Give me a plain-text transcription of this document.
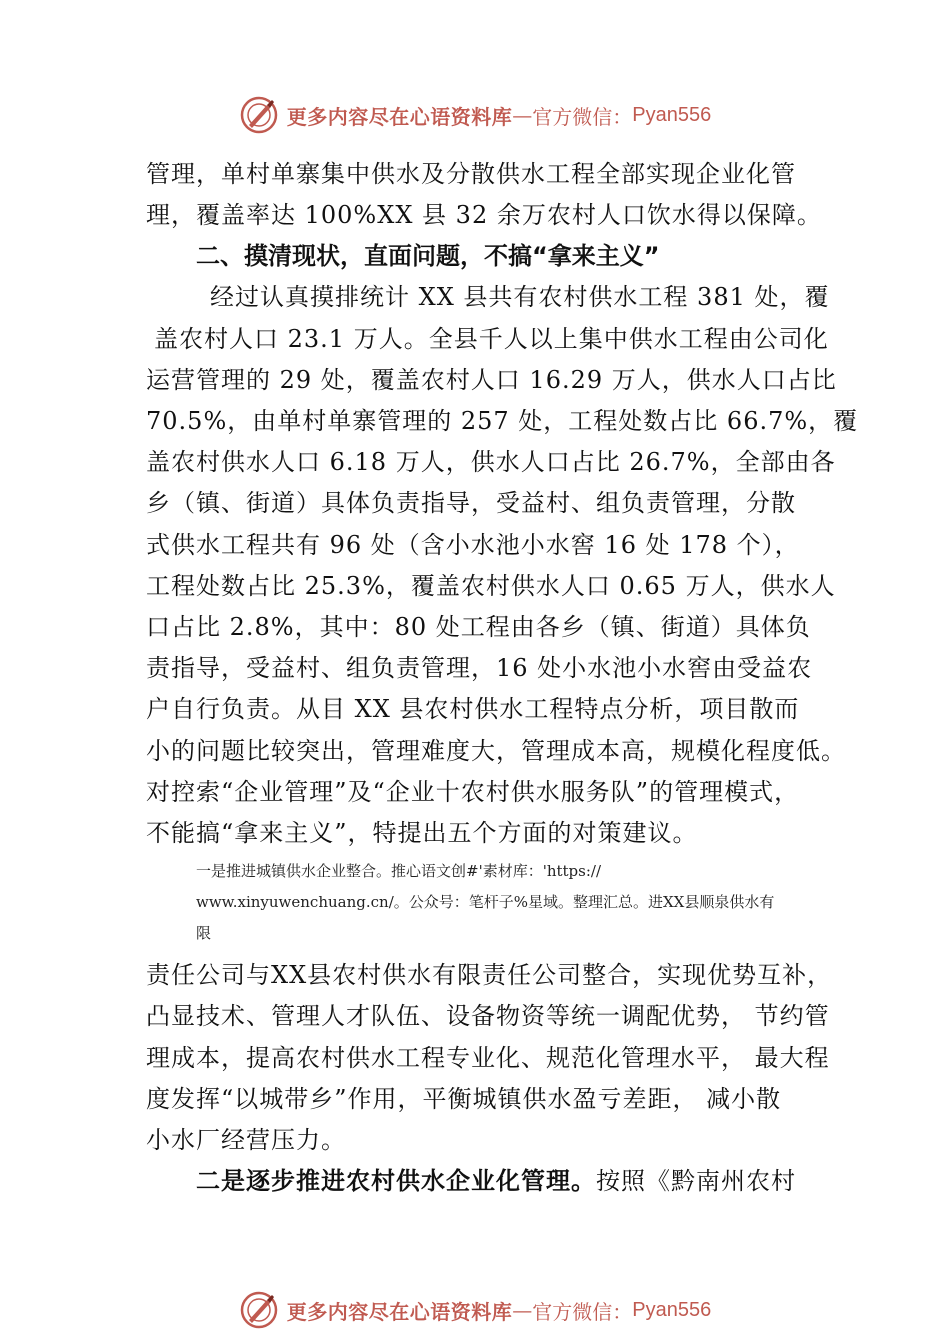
更多内容尽在心语资料库 — 官方微信： Pyan556

管理，单村单寨集中供水及分散供水工程全部实现企业化管
理，覆盖率达 100%XX 县 32 余万农村人口饮水得以保障。

二、摸清现状，直面问题，不搞“拿来主义”

经过认真摸排统计 XX 县共有农村供水工程 381 处，覆
盖农村人口 23.1 万人。全县千人以上集中供水工程由公司化
运营管理的 29 处，覆盖农村人口 16.29 万人，供水人口占比
70.5%，由单村单寨管理的 257 处，工程处数占比 66.7%，覆
盖农村供水人口 6.18 万人，供水人口占比 26.7%，全部由各
乡（镇、街道）具体负责指导，受益村、组负责管理，分散
式供水工程共有 96 处（含小水池小水窖 16 处 178 个），
工程处数占比 25.3%，覆盖农村供水人口 0.65 万人，供水人
口占比 2.8%，其中：80 处工程由各乡（镇、街道）具体负
责指导，受益村、组负责管理，16 处小水池小水窖由受益农
户自行负责。从目 XX 县农村供水工程特点分析，项目散而
小的问题比较突出，管理难度大，管理成本高，规模化程度低。
对控索“企业管理”及“企业十农村供水服务队”的管理模式，
不能搞“拿来主义”，特提出五个方面的对策建议。

一是推进城镇供水企业整合。推心语文创#'素材库：'https://
www.xinyuwenchuang.cn/。公众号：笔杆子%星域。整理汇总。进XX县顺泉供水有
限

责任公司与XX县农村供水有限责任公司整合，实现优势互补，
凸显技术、管理人才队伍、设备物资等统一调配优势， 节约管
理成本，提高农村供水工程专业化、规范化管理水平， 最大程
度发挥“以城带乡”作用，平衡城镇供水盈亏差距， 减小散
小水厂经营压力。

二是逐步推进农村供水企业化管理。按照《黔南州农村

更多内容尽在心语资料库 — 官方微信： Pyan556
